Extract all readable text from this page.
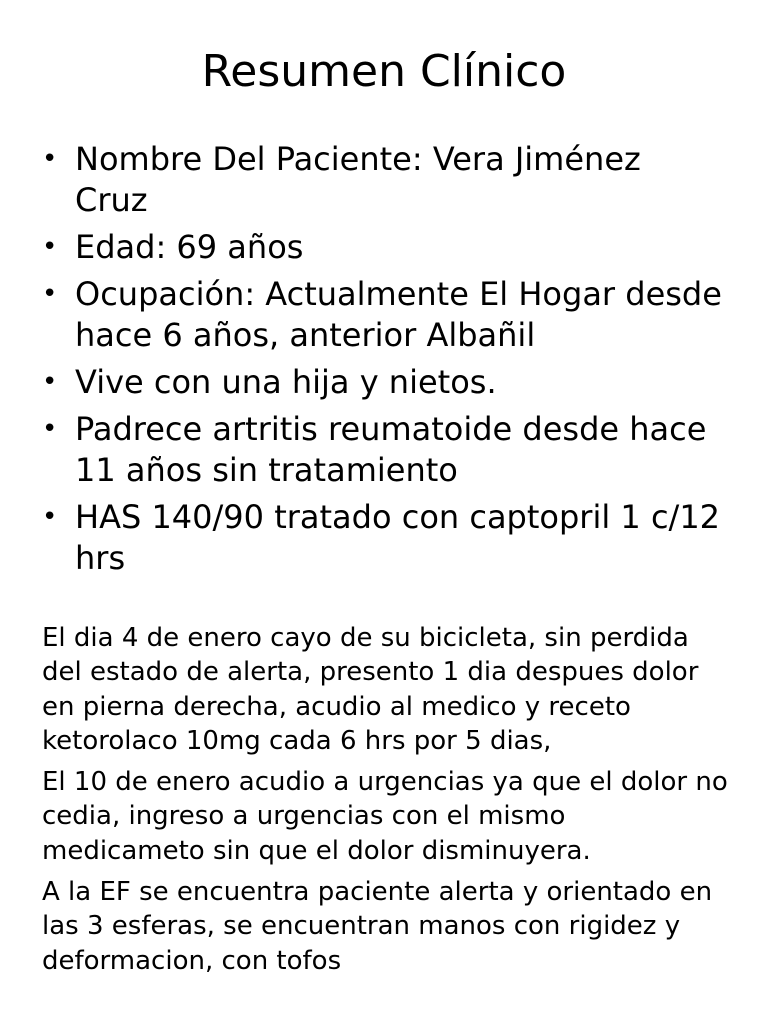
Resumen Clínico
• Nombre Del Paciente: Vera Jiménez Cruz
• Edad: 69 años
• Ocupación: Actualmente El Hogar desde hace 6 años, anterior Albañil
• Vive con una hija y nietos.
• Padrece artritis reumatoide desde hace 11 años sin tratamiento
• HAS 140/90 tratado con captopril 1 c/12 hrs

El dia 4 de enero cayo de su bicicleta, sin perdida del estado de alerta, presento 1 dia despues dolor en pierna derecha, acudio al medico y receto ketorolaco 10mg cada 6 hrs por 5 dias,

El 10 de enero acudio a urgencias ya que el dolor no cedia, ingreso a urgencias con el mismo medicameto sin que el dolor disminuyera.

A la EF se encuentra paciente alerta y orientado en las 3 esferas, se encuentran manos con rigidez y deformacion, con tofos
